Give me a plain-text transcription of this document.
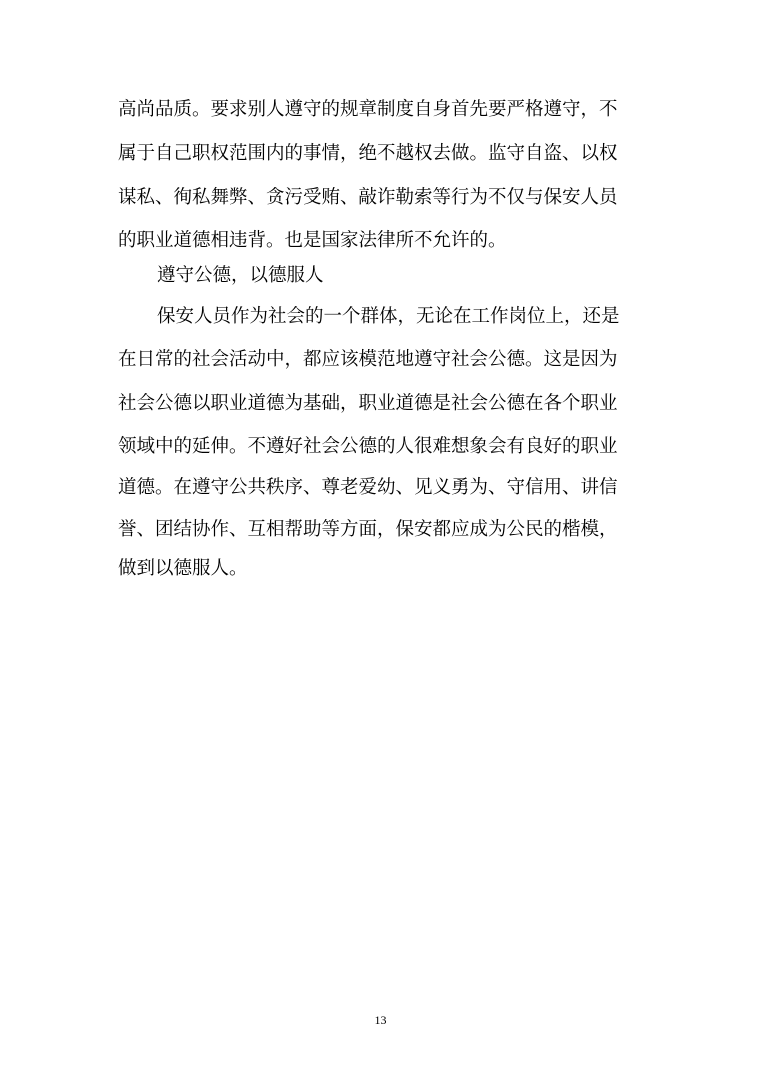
高尚品质。要求别人遵守的规章制度自身首先要严格遵守，不
属于自己职权范围内的事情，绝不越权去做。监守自盗、以权
谋私、徇私舞弊、贪污受贿、敲诈勒索等行为不仅与保安人员
的职业道德相违背。也是国家法律所不允许的。
遵守公德，以德服人
保安人员作为社会的一个群体，无论在工作岗位上，还是
在日常的社会活动中，都应该模范地遵守社会公德。这是因为
社会公德以职业道德为基础，职业道德是社会公德在各个职业
领域中的延伸。不遵好社会公德的人很难想象会有良好的职业
道德。在遵守公共秩序、尊老爱幼、见义勇为、守信用、讲信
誉、团结协作、互相帮助等方面，保安都应成为公民的楷模，
做到以德服人。
13
